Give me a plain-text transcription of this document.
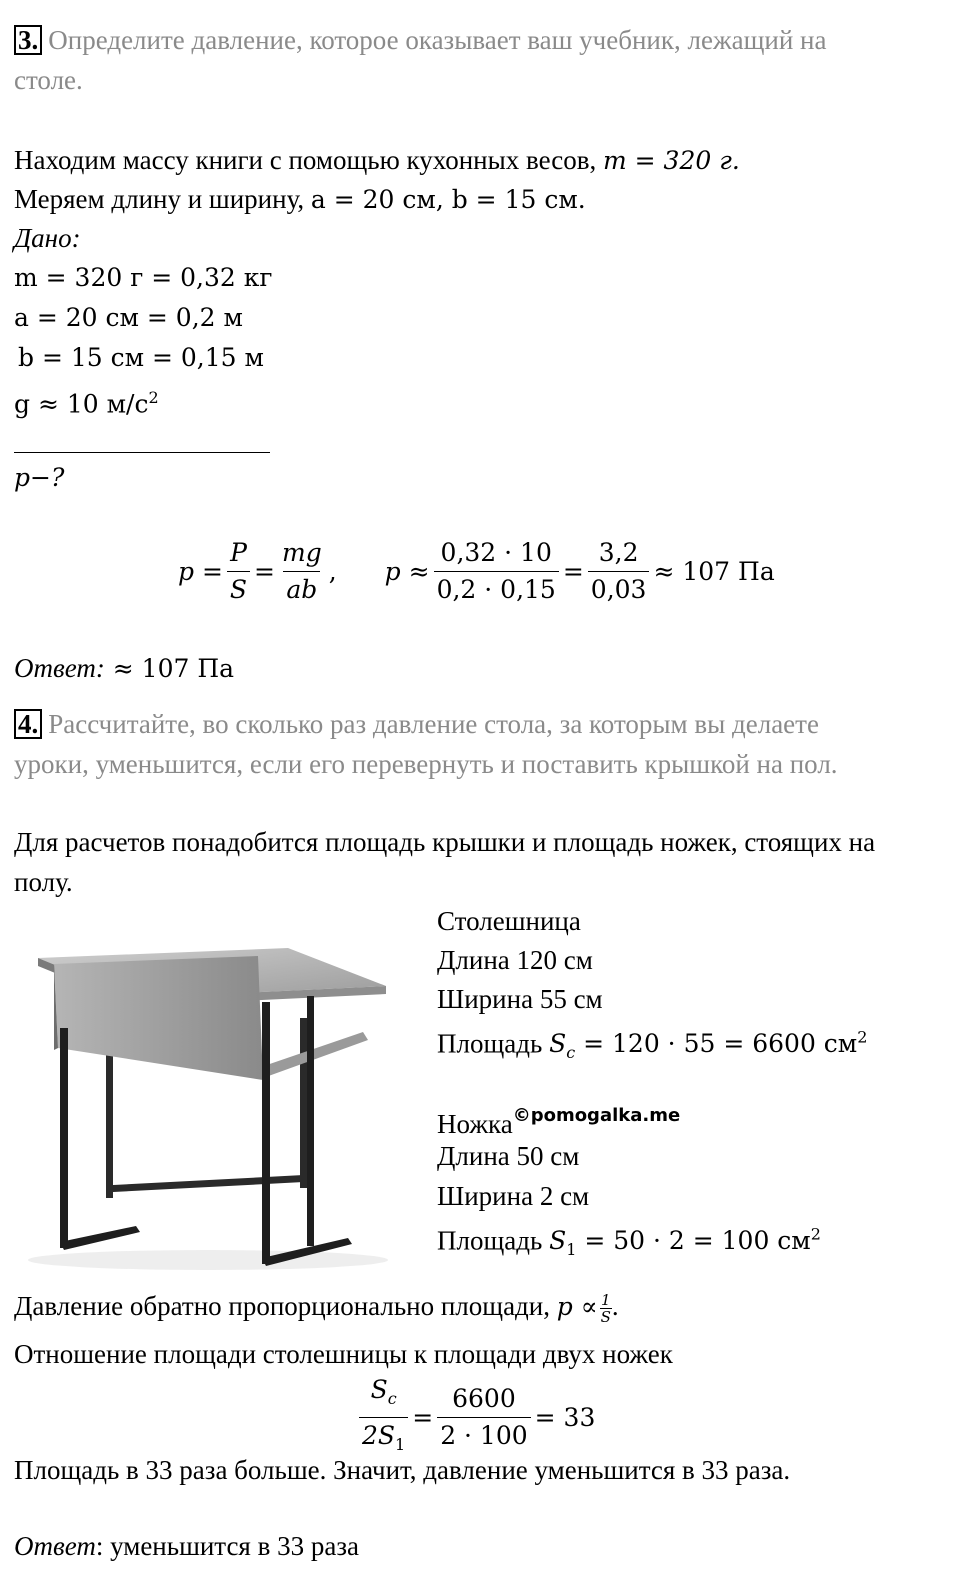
3. Определите давление, которое оказывает ваш учебник, лежащий на
столе.
Находим массу книги с помощью кухонных весов, m = 320 г.
Меряем длину и ширину, a = 20 см, b = 15 см.
Дано:
m = 320 г = 0,32 кг
a = 20 см = 0,2 м
b = 15 см = 0,15 м
g ≈ 10 $м/с^2$
p−?
$p = \frac{P}{S} = \frac{mg}{ab}$ , $p \approx \frac{0,32 \cdot 10}{0,2 \cdot 0,15} = \frac{3,2}{0,03} \approx 107$ Па
Ответ: ≈ 107 Па
4. Рассчитайте, во сколько раз давление стола, за которым вы делаете
уроки, уменьшится, если его перевернуть и поставить крышкой на пол.
Для расчетов понадобится площадь крышки и площадь ножек, стоящих на
полу.
Столешница
Длина 120 см
Ширина 55 см
Площадь $S_c = 120 \cdot 55 = 6600$ $см^2$
Ножка$^{©pomogalka.me}$
Длина 50 см
Ширина 2 см
Площадь $S_1 = 50 \cdot 2 = 100$ $см^2$
Давление обратно пропорционально площади, $p \propto \frac{1}{S}$ .
Отношение площади столешницы к площади двух ножек
$\frac{S_c}{2S_1} = \frac{6600}{2 \cdot 100} = 33$
Площадь в 33 раза больше. Значит, давление уменьшится в 33 раза.
Ответ: уменьшится в 33 раза
